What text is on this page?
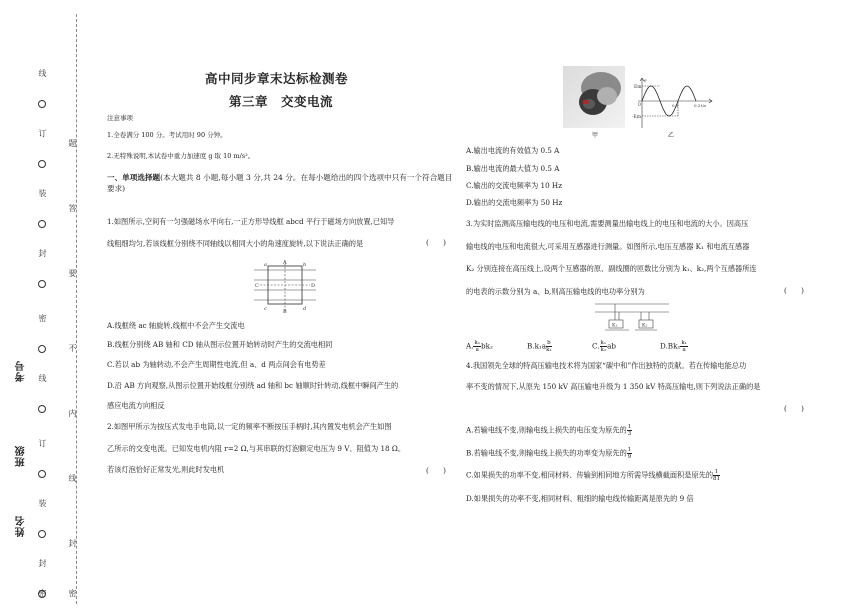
线
订
装
封
密
线
订
装
封
密
题
答
要
不
内
线
封
密
考号
班级
姓名
高中同步章末达标检测卷
第三章　交变电流
注意事项
1.全卷满分 100 分。考试用时 90 分钟。
2.无特殊说明,本试卷中重力加速度 g 取 10 m/s²。
一、单项选择题(本大题共 8 小题,每小题 3 分,共 24 分。在每小题给出的四个选项中只有一个符合题目要求)
1.如图所示,空间有一匀强磁场水平向右,一正方形导线框 abcd 平行于磁场方向放置,已知导
线粗细均匀,若该线框分别绕不同轴线以相同大小的角速度旋转,以下说法正确的是	(　　)
A
B
C	D
a	b
c	d
A.线框绕 ac 轴旋转,线框中不会产生交流电
B.线框分别绕 AB 轴和 CD 轴从图示位置开始转动时产生的交流电相同
C.若以 ab 为轴转动,不会产生周期性电流,但 a、d 两点间会有电势差
D.沿 AB 方向观察,从图示位置开始线框分别绕 ad 轴和 bc 轴顺时针转动,线框中瞬间产生的
感应电流方向相反
2.如图甲所示为按压式发电手电筒,以一定的频率不断按压手柄时,其内置发电机会产生如图
乙所示的交变电流。已知发电机内阻 r=2 Ω,与其串联的灯泡额定电压为 9 V、阻值为 18 Ω。
若该灯泡恰好正常发光,则此时发电机	(　　)
甲
Em
-Em
e
0	0.1	0.2 t/s
乙
A.输出电流的有效值为 0.5 A
B.输出电流的最大值为 0.5 A
C.输出的交流电频率为 10 Hz
D.输出的交流电频率为 50 Hz
3.为实时监测高压输电线的电压和电流,需要测量出输电线上的电压和电流的大小。因高压
输电线的电压和电流很大,可采用互感器进行测量。如图所示,电压互感器 K₁ 和电流互感器
K₂ 分别连接在高压线上,设两个互感器的原、副线圈的匝数比分别为 k₁、k₂,两个互感器所连
的电表的示数分别为 a、b,则高压输电线的电功率分别为	(　　)
K₁	K₂
A. $\frac{\text{k₁}}{a} bk_2$	$B.k_1a \frac{b}{\text{k₂}}$	C. $\frac{\text{k₁}}{\text{k₂}}$ ab	$D.Bk_2 \frac{\text{k₁}}{a}$
4.我国领先全球的特高压输电技术将为国家“碳中和”作出独特的贡献。若在传输电能总功
率不变的情况下,从原先 150 kV 高压输电升级为 1 350 kV 特高压输电,则下列说法正确的是
(　　)
A.若输电线不变,则输电线上损失的电压变为原先的 $\frac{1}{3}$
B.若输电线不变,则输电线上损失的功率变为原先的 $\frac{1}{9}$
C.如果损失的功率不变,相同材料、传输到相同地方所需导线横截面积是原先的 $\frac{1}{81}$
D.如果损失的功率不变,相同材料、粗细的输电线传输距离是原先的 9 倍
